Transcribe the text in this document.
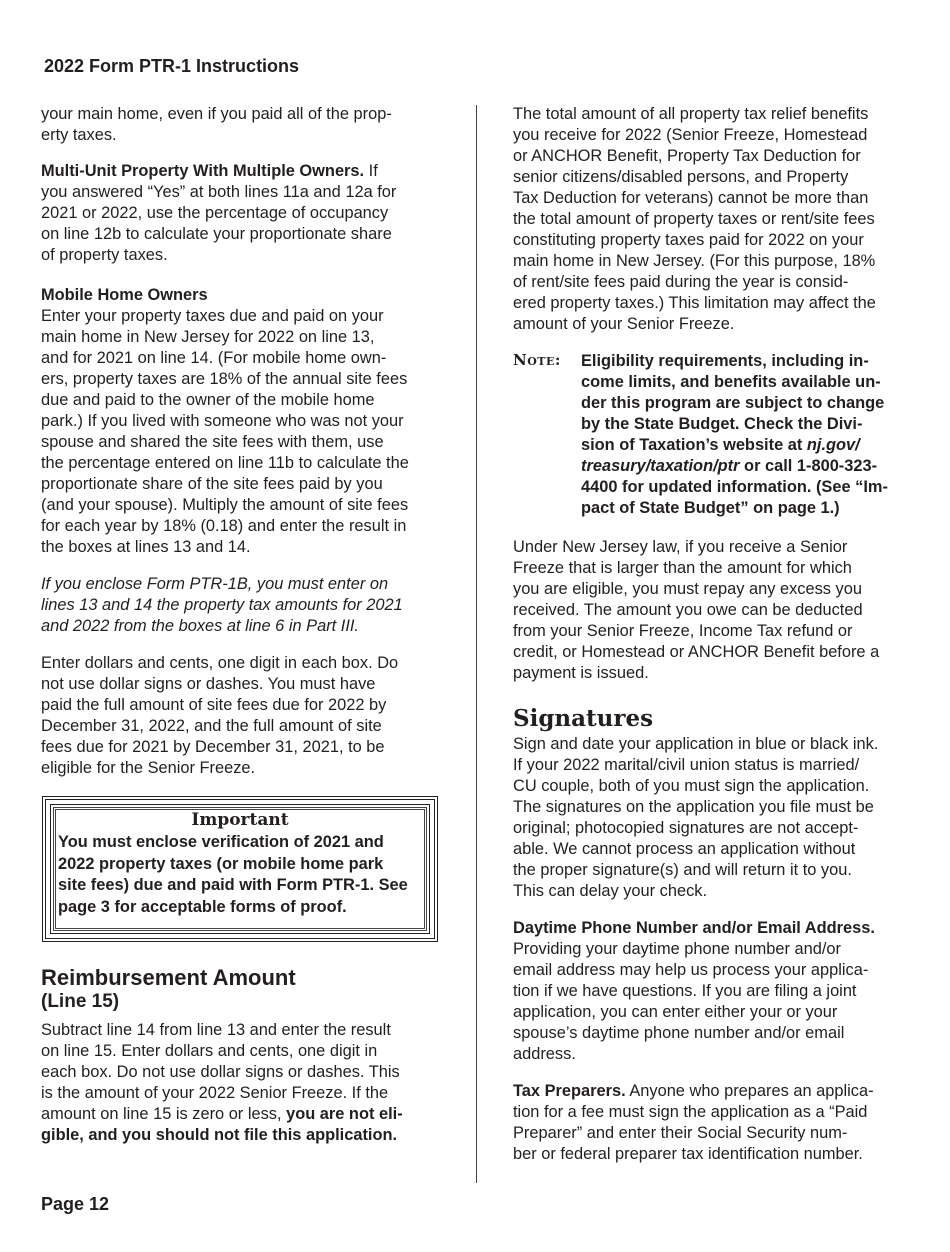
2022 Form PTR-1 Instructions
your main home, even if you paid all of the prop-
erty taxes.
Multi-Unit Property With Multiple Owners. If
you answered “Yes” at both lines 11a and 12a for
2021 or 2022, use the percentage of occupancy
on line 12b to calculate your proportionate share
of property taxes.
Mobile Home Owners
Enter your property taxes due and paid on your
main home in New Jersey for 2022 on line 13,
and for 2021 on line 14. (For mobile home own-
ers, property taxes are 18% of the annual site fees
due and paid to the owner of the mobile home
park.) If you lived with someone who was not your
spouse and shared the site fees with them, use
the percentage entered on line 11b to calculate the
proportionate share of the site fees paid by you
(and your spouse). Multiply the amount of site fees
for each year by 18% (0.18) and enter the result in
the boxes at lines 13 and 14.
If you enclose Form PTR-1B, you must enter on
lines 13 and 14 the property tax amounts for 2021
and 2022 from the boxes at line 6 in Part III.
Enter dollars and cents, one digit in each box. Do
not use dollar signs or dashes. You must have
paid the full amount of site fees due for 2022 by
December 31, 2022, and the full amount of site
fees due for 2021 by December 31, 2021, to be
eligible for the Senior Freeze.
Important
You must enclose verification of 2021 and
2022 property taxes (or mobile home park
site fees) due and paid with Form PTR-1. See
page 3 for acceptable forms of proof.
Reimbursement Amount
(Line 15)
Subtract line 14 from line 13 and enter the result
on line 15. Enter dollars and cents, one digit in
each box. Do not use dollar signs or dashes. This
is the amount of your 2022 Senior Freeze. If the
amount on line 15 is zero or less, you are not eli-
gible, and you should not file this application.
Page 12
The total amount of all property tax relief benefits
you receive for 2022 (Senior Freeze, Homestead
or ANCHOR Benefit, Property Tax Deduction for
senior citizens/disabled persons, and Property
Tax Deduction for veterans) cannot be more than
the total amount of property taxes or rent/site fees
constituting property taxes paid for 2022 on your
main home in New Jersey. (For this purpose, 18%
of rent/site fees paid during the year is consid-
ered property taxes.) This limitation may affect the
amount of your Senior Freeze.
Note: Eligibility requirements, including in-
come limits, and benefits available un-
der this program are subject to change
by the State Budget. Check the Divi-
sion of Taxation’s website at nj.gov/
treasury/taxation/ptr or call 1-800-323-
4400 for updated information. (See “Im-
pact of State Budget” on page 1.)
Under New Jersey law, if you receive a Senior
Freeze that is larger than the amount for which
you are eligible, you must repay any excess you
received. The amount you owe can be deducted
from your Senior Freeze, Income Tax refund or
credit, or Homestead or ANCHOR Benefit before a
payment is issued.
Signatures
Sign and date your application in blue or black ink.
If your 2022 marital/civil union status is married/
CU couple, both of you must sign the application.
The signatures on the application you file must be
original; photocopied signatures are not accept-
able. We cannot process an application without
the proper signature(s) and will return it to you.
This can delay your check.
Daytime Phone Number and/or Email Address.
Providing your daytime phone number and/or
email address may help us process your applica-
tion if we have questions. If you are filing a joint
application, you can enter either your or your
spouse’s daytime phone number and/or email
address.
Tax Preparers. Anyone who prepares an applica-
tion for a fee must sign the application as a “Paid
Preparer” and enter their Social Security num-
ber or federal preparer tax identification number.
